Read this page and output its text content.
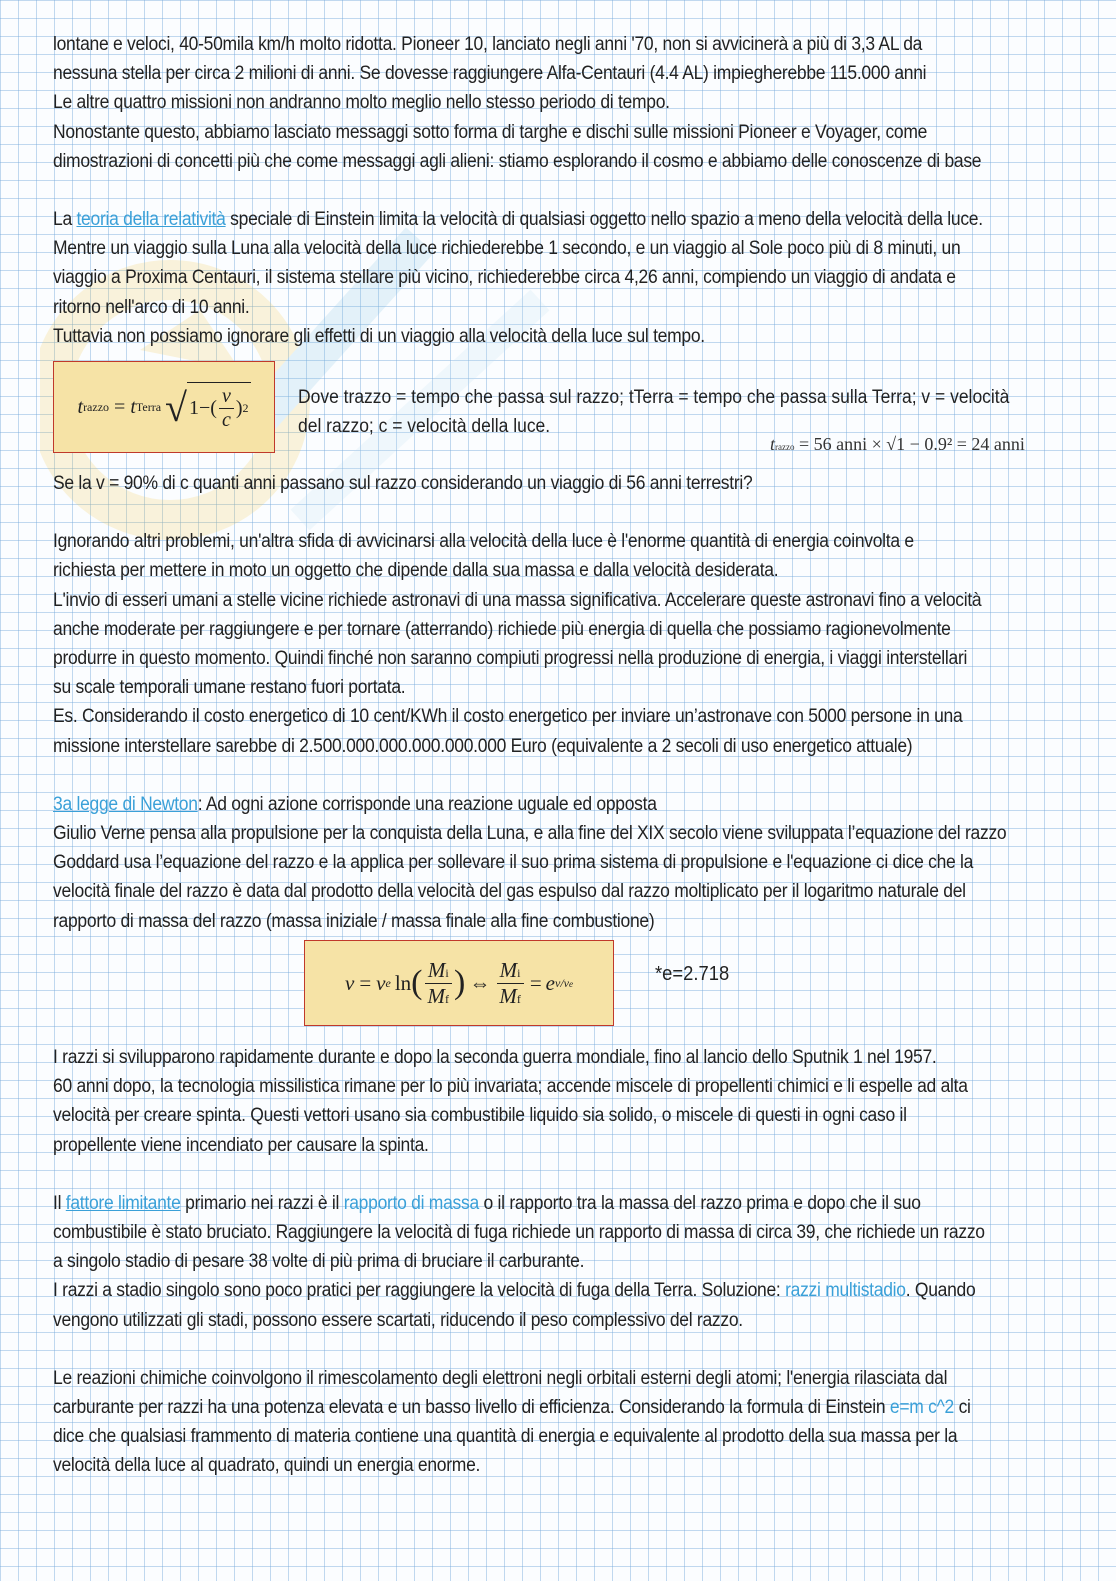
lontane e veloci, 40-50mila km/h molto ridotta. Pioneer 10, lanciato negli anni '70, non si avvicinerà a più di 3,3 AL da
nessuna stella per circa 2 milioni di anni. Se dovesse raggiungere Alfa-Centauri (4.4 AL) impiegherebbe 115.000 anni
Le altre quattro missioni non andranno molto meglio nello stesso periodo di tempo.
Nonostante questo, abbiamo lasciato messaggi sotto forma di targhe e dischi sulle missioni Pioneer e Voyager, come
dimostrazioni di concetti più che come messaggi agli alieni: stiamo esplorando il cosmo e abbiamo delle conoscenze di base
La teoria della relatività speciale di Einstein limita la velocità di qualsiasi oggetto nello spazio a meno della velocità della luce.
Mentre un viaggio sulla Luna alla velocità della luce richiederebbe 1 secondo, e un viaggio al Sole poco più di 8 minuti, un
viaggio a Proxima Centauri, il sistema stellare più vicino, richiederebbe circa 4,26 anni, compiendo un viaggio di andata e
ritorno nell'arco di 10 anni.
Tuttavia non possiamo ignorare gli effetti di un viaggio alla velocità della luce sul tempo.
t razzo = t Terra √ 1 −( $\frac{v}{c}$ ) 2	Dove trazzo = tempo che passa sul razzo; tTerra = tempo che passa sulla Terra; v = velocità
del razzo; c = velocità della luce.
trazzo = 56 anni × √1 − 0.9² = 24 anni
Se la v = 90% di c quanti anni passano sul razzo considerando un viaggio di 56 anni terrestri?
Ignorando altri problemi, un'altra sfida di avvicinarsi alla velocità della luce è l'enorme quantità di energia coinvolta e
richiesta per mettere in moto un oggetto che dipende dalla sua massa e dalla velocità desiderata.
L'invio di esseri umani a stelle vicine richiede astronavi di una massa significativa. Accelerare queste astronavi fino a velocità
anche moderate per raggiungere e per tornare (atterrando) richiede più energia di quella che possiamo ragionevolmente
produrre in questo momento. Quindi finché non saranno compiuti progressi nella produzione di energia, i viaggi interstellari
su scale temporali umane restano fuori portata.
Es. Considerando il costo energetico di 10 cent/KWh il costo energetico per inviare un’astronave con 5000 persone in una
missione interstellare sarebbe di 2.500.000.000.000.000.000 Euro (equivalente a 2 secoli di uso energetico attuale)
3a legge di Newton: Ad ogni azione corrisponde una reazione uguale ed opposta
Giulio Verne pensa alla propulsione per la conquista della Luna, e alla fine del XIX secolo viene sviluppata l’equazione del razzo
Goddard usa l’equazione del razzo e la applica per sollevare il suo prima sistema di propulsione e l'equazione ci dice che la
velocità finale del razzo è data dal prodotto della velocità del gas espulso dal razzo moltiplicato per il logaritmo naturale del
rapporto di massa del razzo (massa iniziale / massa finale alla fine combustione)
v = v e ln ( $\frac{Mi}{Mf}$ ) ⇔ $\frac{Mi}{Mf} = e$ v/ve	*e=2.718
I razzi si svilupparono rapidamente durante e dopo la seconda guerra mondiale, fino al lancio dello Sputnik 1 nel 1957.
60 anni dopo, la tecnologia missilistica rimane per lo più invariata; accende miscele di propellenti chimici e li espelle ad alta
velocità per creare spinta. Questi vettori usano sia combustibile liquido sia solido, o miscele di questi in ogni caso il
propellente viene incendiato per causare la spinta.
Il fattore limitante primario nei razzi è il rapporto di massa o il rapporto tra la massa del razzo prima e dopo che il suo
combustibile è stato bruciato. Raggiungere la velocità di fuga richiede un rapporto di massa di circa 39, che richiede un razzo
a singolo stadio di pesare 38 volte di più prima di bruciare il carburante.
I razzi a stadio singolo sono poco pratici per raggiungere la velocità di fuga della Terra. Soluzione: razzi multistadio. Quando
vengono utilizzati gli stadi, possono essere scartati, riducendo il peso complessivo del razzo.
Le reazioni chimiche coinvolgono il rimescolamento degli elettroni negli orbitali esterni degli atomi; l'energia rilasciata dal
carburante per razzi ha una potenza elevata e un basso livello di efficienza. Considerando la formula di Einstein e=m c^2 ci
dice che qualsiasi frammento di materia contiene una quantità di energia e equivalente al prodotto della sua massa per la
velocità della luce al quadrato, quindi un energia enorme.
